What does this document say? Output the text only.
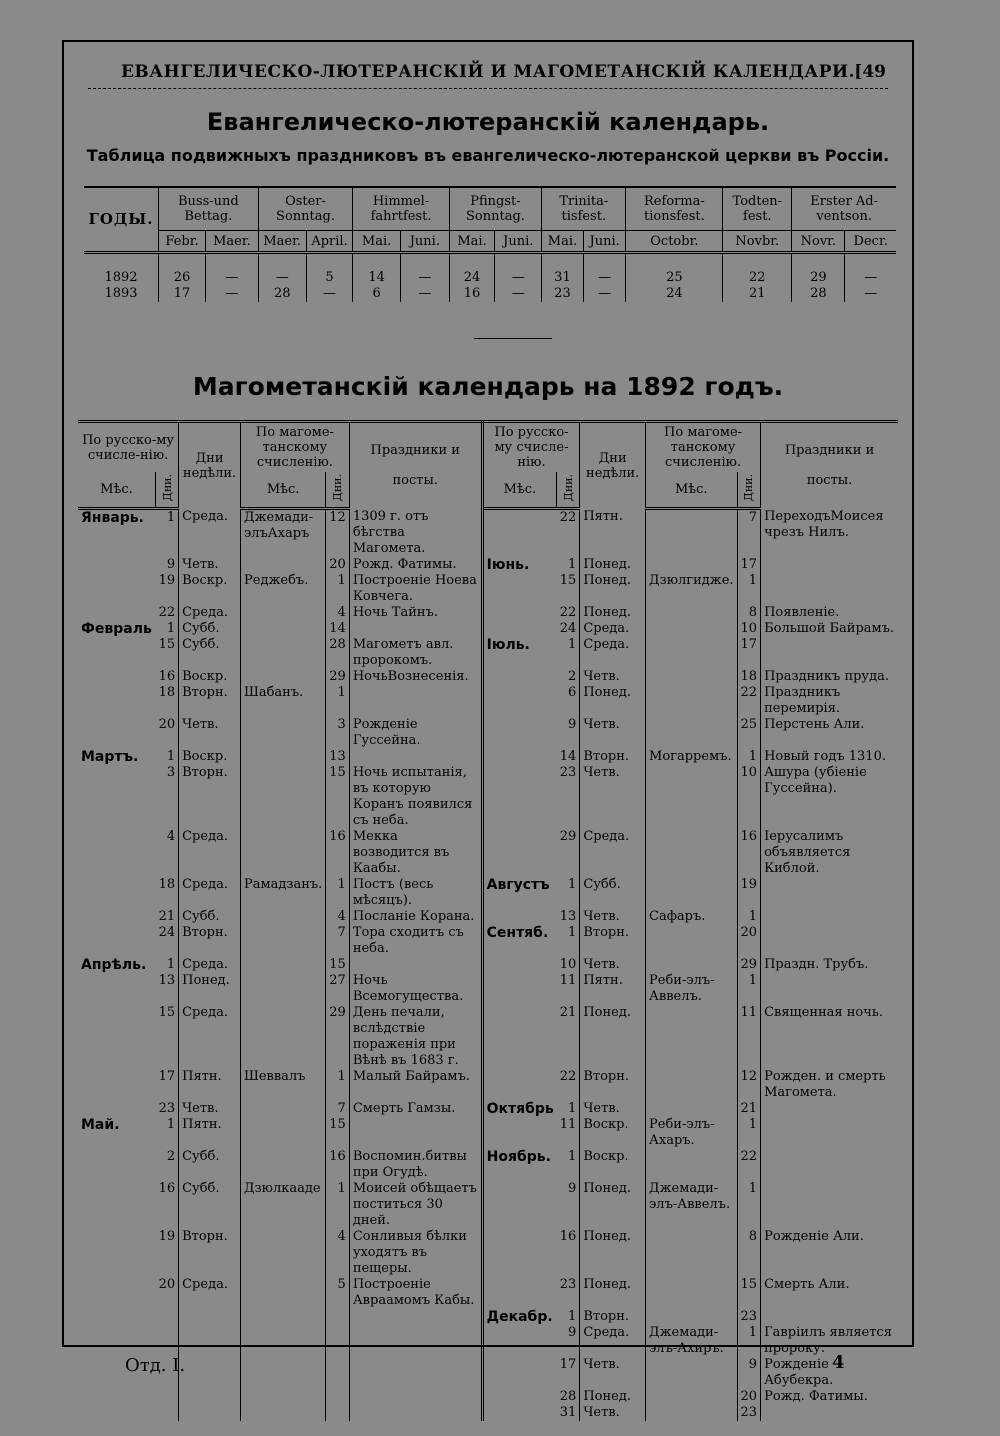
ЕВАНГЕЛИЧЕСКО-ЛЮТЕРАНСКІЙ И МАГОМЕТАНСКІЙ КАЛЕНДАРИ. [49
Евангелическо-лютеранскій календарь.
Таблица подвижныхъ праздниковъ въ евангелическо-лютеранской церкви въ Россіи.
ГОДЫ.	Buss-und Bettag.		Oster-Sonntag.		Himmel-fahrtfest.		Pfingst-Sonntag.		Trinita-tisfest.		Reforma-tionsfest.	Todten-fest.	Erster Ad-ventson.	
	Febr.	Maer.	Maer.	April.	Mai.	Juni.	Mai.	Juni.	Mai.	Juni.	Octobr.	Novbr.	Novr.	Decr.

1892	26	—	—	5	14	—	24	—	31	—	25	22	29	—
1893	17	—	28	—	6	—	16	—	23	—	24	21	28	—
Магометанскій календарь на 1892 годъ.
По русско-му счисле-нію.		Дни
недѣли.	По магоме-танскому счисленію.		Праздники и

посты.	По русско-му счисле-нію.		Дни
недѣли.	По магоме-танскому счисленію.		Праздники и

посты.
Мѣс.	Дни.		Мѣс.	Дни.		Мѣс.	Дни.		Мѣс.	Дни.	
Январь.	1	Среда.	Джемади-элъАхаръ	12	1309 г. отъ бѣгства Магомета.		22	Пятн.		7	ПереходъМоисея чрезъ Нилъ.
	9	Четв.		20	Рожд. Фатимы.	Іюнь.	1	Понед.		17	
	19	Воскр.	Реджебъ.	1	Построеніе Ноева Ковчега.		15	Понед.	Дзюлгидже.	1	
	22	Среда.		4	Ночь Тайнъ.		22	Понед.		8	Появленіе.
Февраль	1	Субб.		14			24	Среда.		10	Большой Байрамъ.
	15	Субб.		28	Магометъ авл. пророкомъ.	Іюль.	1	Среда.		17	
	16	Воскр.		29	НочьВознесенія.		2	Четв.		18	Праздникъ пруда.
	18	Вторн.	Шабанъ.	1			6	Понед.		22	Праздникъ перемирія.
	20	Четв.		3	Рожденіе Гуссейна.		9	Четв.		25	Перстень Али.
Мартъ.	1	Воскр.		13			14	Вторн.	Могарремъ.	1	Новый годъ 1310.
	3	Вторн.		15	Ночь испытанія, въ которую Коранъ появился съ неба.		23	Четв.		10	Ашура (убіеніе Гуссейна).
	4	Среда.		16	Мекка возводится въ Каабы.		29	Среда.		16	Іерусалимъ объявляется Киблой.
	18	Среда.	Рамадзанъ.	1	Постъ (весь мѣсяцъ).	Августъ	1	Субб.		19	
	21	Субб.		4	Посланіе Корана.		13	Четв.	Сафаръ.	1	
	24	Вторн.		7	Тора сходитъ съ неба.	Сентяб.	1	Вторн.		20	
Апрѣль.	1	Среда.		15			10	Четв.		29	Праздн. Трубъ.
	13	Понед.		27	Ночь Всемогущества.		11	Пятн.	Реби-элъ-Аввелъ.	1	
	15	Среда.		29	День печали, вслѣдствіе пораженія при Вѣнѣ въ 1683 г.		21	Понед.		11	Священная ночь.
	17	Пятн.	Шеввалъ	1	Малый Байрамъ.		22	Вторн.		12	Рожден. и смерть Магомета.
	23	Четв.		7	Смерть Гамзы.	Октябрь	1	Четв.		21	
Май.	1	Пятн.		15			11	Воскр.	Реби-элъ-Ахаръ.	1	
	2	Субб.		16	Воспомин.битвы при Огудѣ.	Ноябрь.	1	Воскр.		22	
	16	Субб.	Дзюлкааде	1	Моисей обѣщаетъ поститься 30 дней.		9	Понед.	Джемади-элъ-Аввелъ.	1	
	19	Вторн.		4	Сонливыя бѣлки уходятъ въ пещеры.		16	Понед.		8	Рожденіе Али.
	20	Среда.		5	Построеніе Авраамомъ Кабы.		23	Понед.		15	Смерть Али.
						Декабр.	1	Вторн.		23	
							9	Среда.	Джемади-элъ-Ахиръ.	1	Гавріилъ является пророку.
							17	Четв.		9	Рожденіе Абубекра.
							28	Понед.		20	Рожд. Фатимы.
							31	Четв.		23	
Отд. I.	4
